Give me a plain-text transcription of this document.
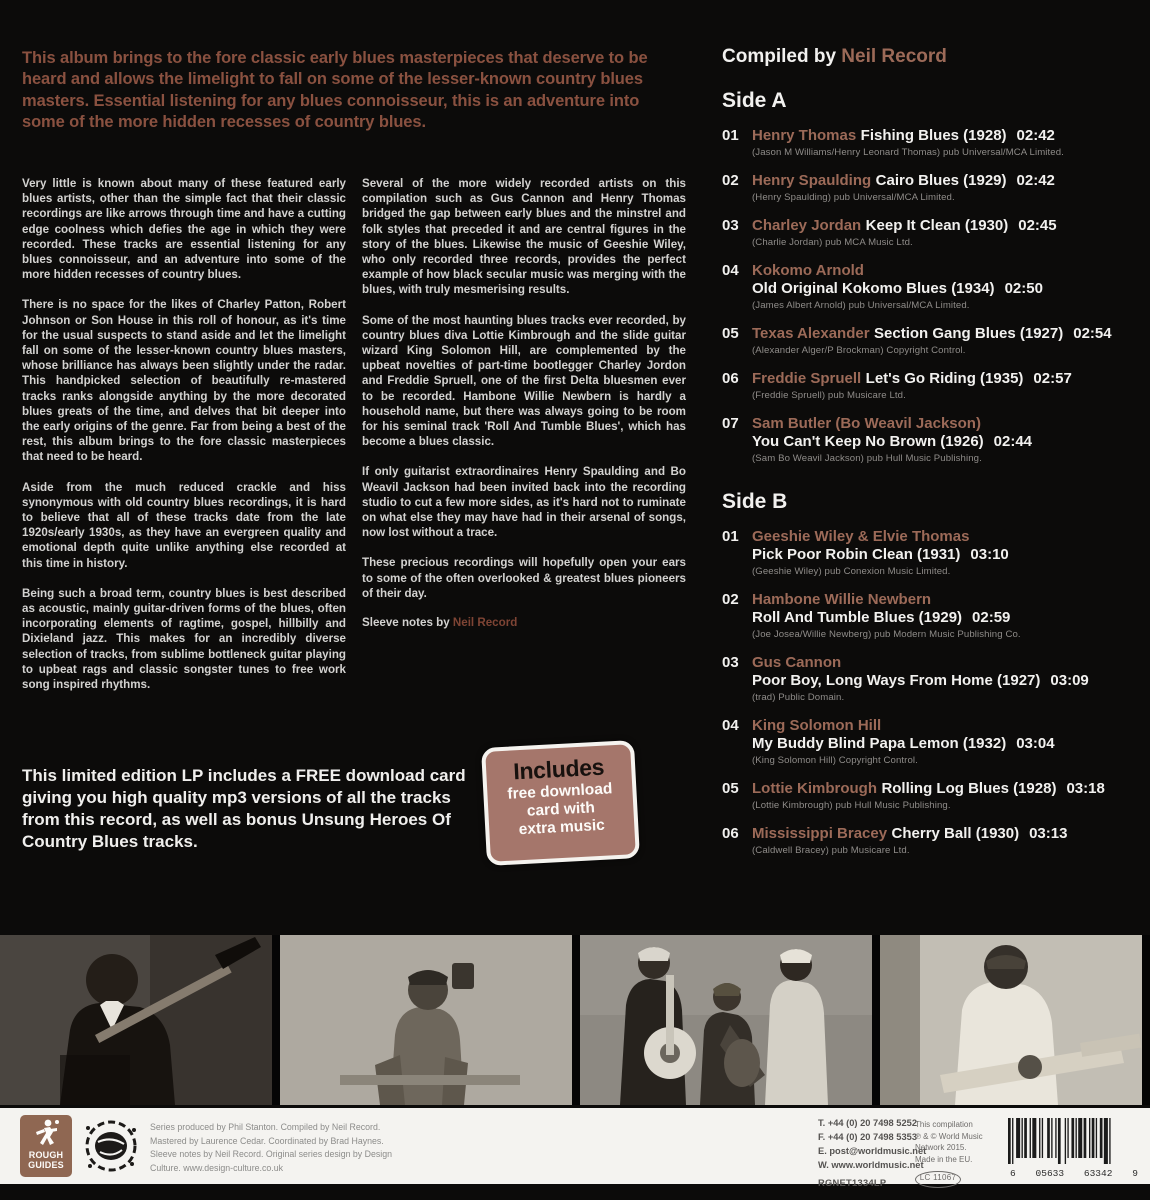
This album brings to the fore classic early blues masterpieces that deserve to be heard and allows the limelight to fall on some of the lesser-known country blues masters. Essential listening for any blues connoisseur, this is an adventure into some of the more hidden recesses of country blues.

Very little is known about many of these featured early blues artists, other than the simple fact that their classic recordings are like arrows through time and have a cutting edge coolness which defies the age in which they were recorded. These tracks are essential listening for any blues connoisseur, and an adventure into some of the more hidden recesses of country blues.

There is no space for the likes of Charley Patton, Robert Johnson or Son House in this roll of honour, as it's time for the usual suspects to stand aside and let the limelight fall on some of the lesser-known country blues masters, whose brilliance has always been slightly under the radar. This handpicked selection of beautifully re-mastered tracks ranks alongside anything by the more decorated blues greats of the time, and delves that bit deeper into the early origins of the genre. Far from being a best of the rest, this album brings to the fore classic masterpieces that need to be heard.

Aside from the much reduced crackle and hiss synonymous with old country blues recordings, it is hard to believe that all of these tracks date from the late 1920s/early 1930s, as they have an evergreen quality and emotional depth quite unlike anything else recorded at this time in history.

Being such a broad term, country blues is best described as acoustic, mainly guitar-driven forms of the blues, often incorporating elements of ragtime, gospel, hillbilly and Dixieland jazz. This makes for an incredibly diverse selection of tracks, from sublime bottleneck guitar playing to upbeat rags and classic songster tunes to free work song inspired rhythms.

Several of the more widely recorded artists on this compilation such as Gus Cannon and Henry Thomas bridged the gap between early blues and the minstrel and folk styles that preceded it and are central figures in the story of the blues. Likewise the music of Geeshie Wiley, who only recorded three records, provides the perfect example of how black secular music was merging with the blues, with truly mesmerising results.

Some of the most haunting blues tracks ever recorded, by country blues diva Lottie Kimbrough and the slide guitar wizard King Solomon Hill, are complemented by the upbeat novelties of part-time bootlegger Charley Jordon and Freddie Spruell, one of the first Delta bluesmen ever to be recorded. Hambone Willie Newbern is hardly a household name, but there was always going to be room for his seminal track 'Roll And Tumble Blues', which has become a blues classic.

If only guitarist extraordinaires Henry Spaulding and Bo Weavil Jackson had been invited back into the recording studio to cut a few more sides, as it's hard not to ruminate on what else they may have had in their arsenal of songs, now lost without a trace.

These precious recordings will hopefully open your ears to some of the often overlooked & greatest blues pioneers of their day.

Sleeve notes by Neil Record
Compiled by Neil Record
Side A
01 Henry Thomas Fishing Blues (1928) 02:42
(Jason M Williams/Henry Leonard Thomas) pub Universal/MCA Limited.
02 Henry Spaulding Cairo Blues (1929) 02:42
(Henry Spaulding) pub Universal/MCA Limited.
03 Charley Jordan Keep It Clean (1930) 02:45
(Charlie Jordan) pub MCA Music Ltd.
04 Kokomo Arnold
Old Original Kokomo Blues (1934) 02:50
(James Albert Arnold) pub Universal/MCA Limited.
05 Texas Alexander Section Gang Blues (1927) 02:54
(Alexander Alger/P Brockman) Copyright Control.
06 Freddie Spruell Let's Go Riding (1935) 02:57
(Freddie Spruell) pub Musicare Ltd.
07 Sam Butler (Bo Weavil Jackson)
You Can't Keep No Brown (1926) 02:44
(Sam Bo Weavil Jackson) pub Hull Music Publishing.
Side B
01 Geeshie Wiley & Elvie Thomas
Pick Poor Robin Clean (1931) 03:10
(Geeshie Wiley) pub Conexion Music Limited.
02 Hambone Willie Newbern
Roll And Tumble Blues (1929) 02:59
(Joe Josea/Willie Newberg) pub Modern Music Publishing Co.
03 Gus Cannon
Poor Boy, Long Ways From Home (1927) 03:09
(trad) Public Domain.
04 King Solomon Hill
My Buddy Blind Papa Lemon (1932) 03:04
(King Solomon Hill) Copyright Control.
05 Lottie Kimbrough Rolling Log Blues (1928) 03:18
(Lottie Kimbrough) pub Hull Music Publishing.
06 Mississippi Bracey Cherry Ball (1930) 03:13
(Caldwell Bracey) pub Musicare Ltd.
This limited edition LP includes a FREE download card giving you high quality mp3 versions of all the tracks from this record, as well as bonus Unsung Heroes Of Country Blues tracks.
Includes
free download
card with
extra music
ROUGH
GUIDES
Series produced by Phil Stanton. Compiled by Neil Record.
Mastered by Laurence Cedar. Coordinated by Brad Haynes.
Sleeve notes by Neil Record. Original series design by Design
Culture. www.design-culture.co.uk
T. +44 (0) 20 7498 5252
F. +44 (0) 20 7498 5353
E. post@worldmusic.net
W. www.worldmusic.net
RGNET1334LP
This compilation
℗ & © World Music
Network 2015.
Made in the EU.
LC 11067	6 05633 63342 9
